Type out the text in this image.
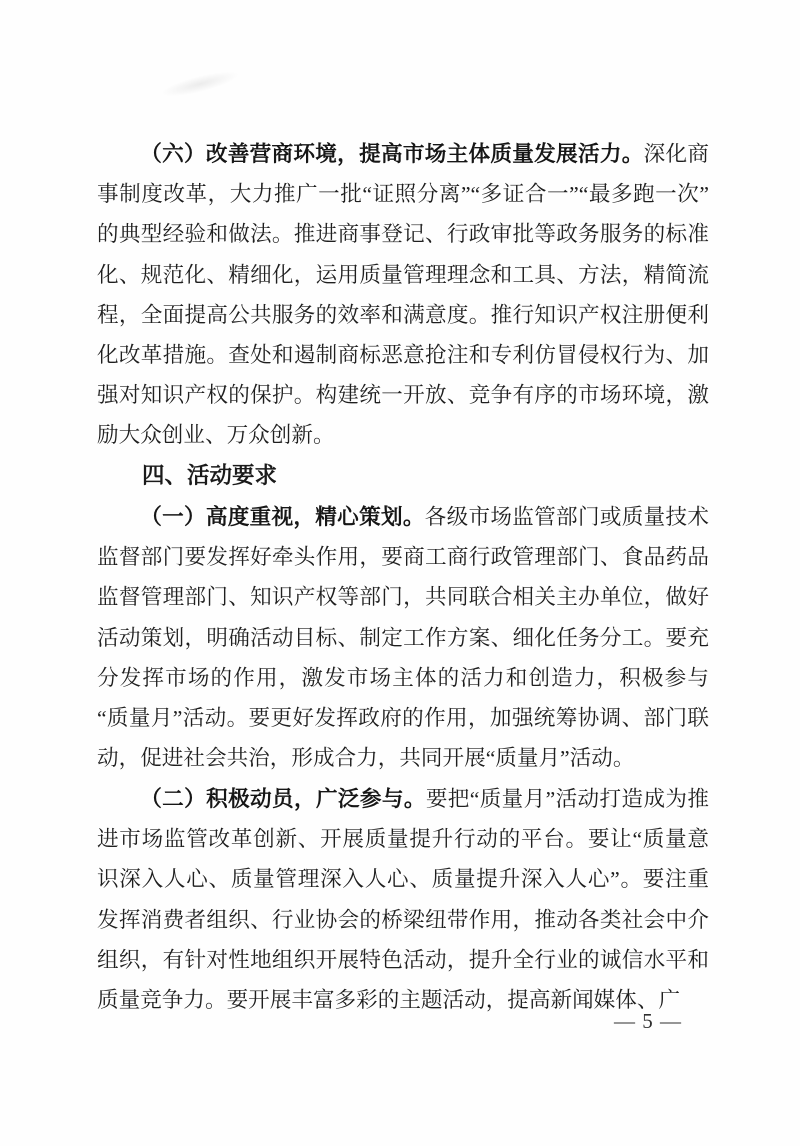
（六）改善营商环境，提高市场主体质量发展活力。深化商事制度改革，大力推广一批“证照分离”“多证合一”“最多跑一次”的典型经验和做法。推进商事登记、行政审批等政务服务的标准化、规范化、精细化，运用质量管理理念和工具、方法，精简流程，全面提高公共服务的效率和满意度。推行知识产权注册便利化改革措施。查处和遏制商标恶意抢注和专利仿冒侵权行为、加强对知识产权的保护。构建统一开放、竞争有序的市场环境，激励大众创业、万众创新。

四、活动要求

（一）高度重视，精心策划。各级市场监管部门或质量技术监督部门要发挥好牵头作用，要商工商行政管理部门、食品药品监督管理部门、知识产权等部门，共同联合相关主办单位，做好活动策划，明确活动目标、制定工作方案、细化任务分工。要充分发挥市场的作用，激发市场主体的活力和创造力，积极参与“质量月”活动。要更好发挥政府的作用，加强统筹协调、部门联动，促进社会共治，形成合力，共同开展“质量月”活动。

（二）积极动员，广泛参与。要把“质量月”活动打造成为推进市场监管改革创新、开展质量提升行动的平台。要让“质量意识深入人心、质量管理深入人心、质量提升深入人心”。要注重发挥消费者组织、行业协会的桥梁纽带作用，推动各类社会中介组织，有针对性地组织开展特色活动，提升全行业的诚信水平和质量竞争力。要开展丰富多彩的主题活动，提高新闻媒体、广

— 5 —
